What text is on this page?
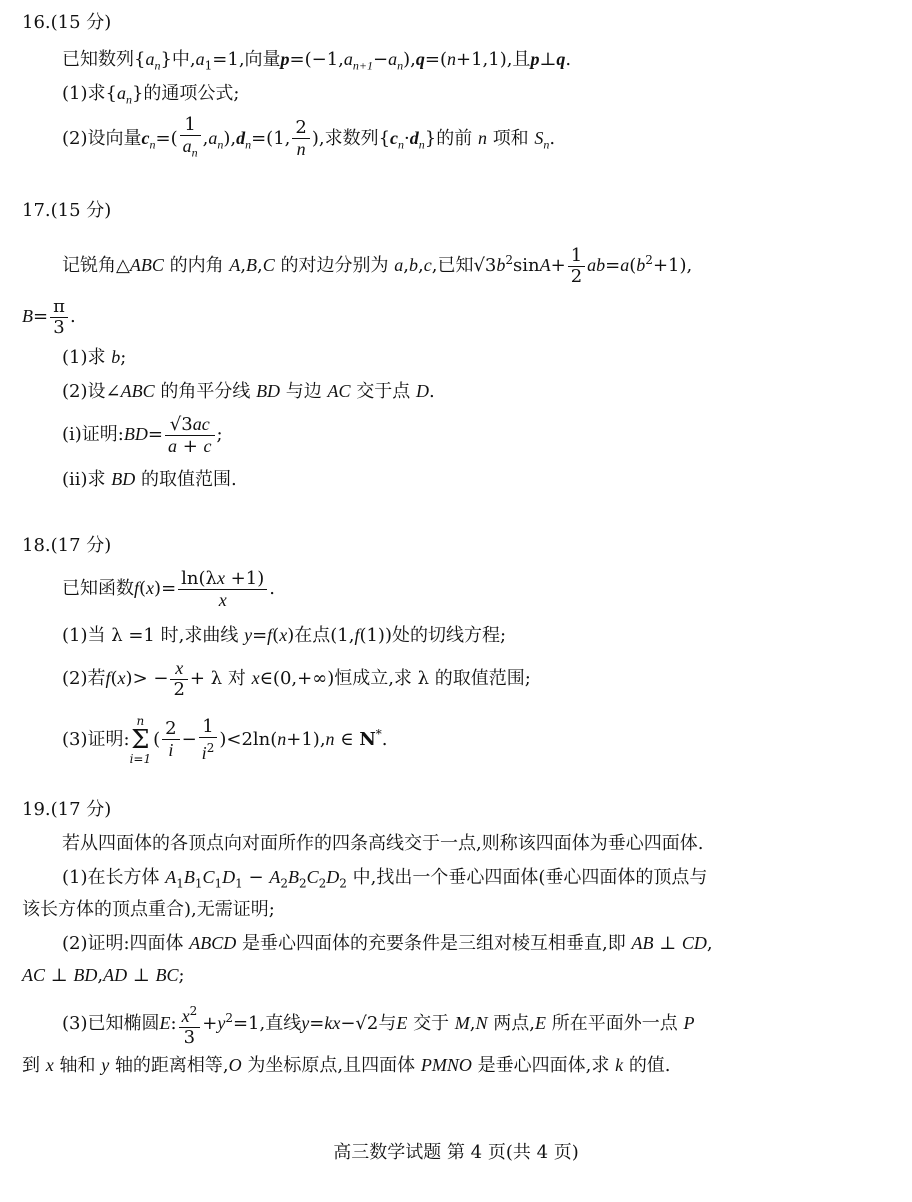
16.(15 分)
已知数列$\{a_n\}$中$,a_1=1$,向量$p=(-1,a_{n+1}-a_n),q=(n+1,1)$,且p⊥q.
(1)求$\{a_n\}$的通项公式;
(2)设向量$c_n=( \frac{1}{a_n} ,a_n),d_n=(1$, $\frac{2}{n}$ ),求数列$\{c_n\cdot d_n\}$的前 n 项和 $S_n$.
17.(15 分)
记锐角△ABC 的内角 A,B,C 的对边分别为 a,b,c,已知$√3b^2\sin A+ \frac{1}{2} ab=a(b^2+1)$,
$B= \frac{\pi}{3}$ .
(1)求 b;
(2)设∠ABC 的角平分线 BD 与边 AC 交于点 D.
(ⅰ)证明:BD= $\frac{√3ac}{a + c}$ ;
(ⅱ)求 BD 的取值范围.
18.(17 分)
已知函数$f(x)= \frac{\ln(\lambda x +1)}{x}$ .
(1)当 λ =1 时,求曲线 y=f(x)在点(1,f(1))处的切线方程;
(2)若$f(x)> - \frac{x}{2} + \lambda$ 对 x∈(0,+∞)恒成立,求 λ 的取值范围;
(3)证明:
n
Σ
i=1
( $\frac{2}{i} - \frac{1}{i^2} )<2\ln(n+1),n$ ∈ N*.
19.(17 分)
若从四面体的各顶点向对面所作的四条高线交于一点,则称该四面体为垂心四面体.
(1)在长方体 $A_1B_1C_1D_1 - A_2B_2C_2D_2$ 中,找出一个垂心四面体(垂心四面体的顶点与
该长方体的顶点重合),无需证明;
(2)证明:四面体 ABCD 是垂心四面体的充要条件是三组对棱互相垂直,即 AB ⊥ CD,
AC ⊥ BD,AD ⊥ BC;
(3)已知椭圆E: $\frac{x^2}{3} +y^2=1$,直线y=kx−√2与E 交于 M,N 两点,E 所在平面外一点 P
到 x 轴和 y 轴的距离相等,O 为坐标原点,且四面体 PMNO 是垂心四面体,求 k 的值.
高三数学试题 第 4 页(共 4 页)
